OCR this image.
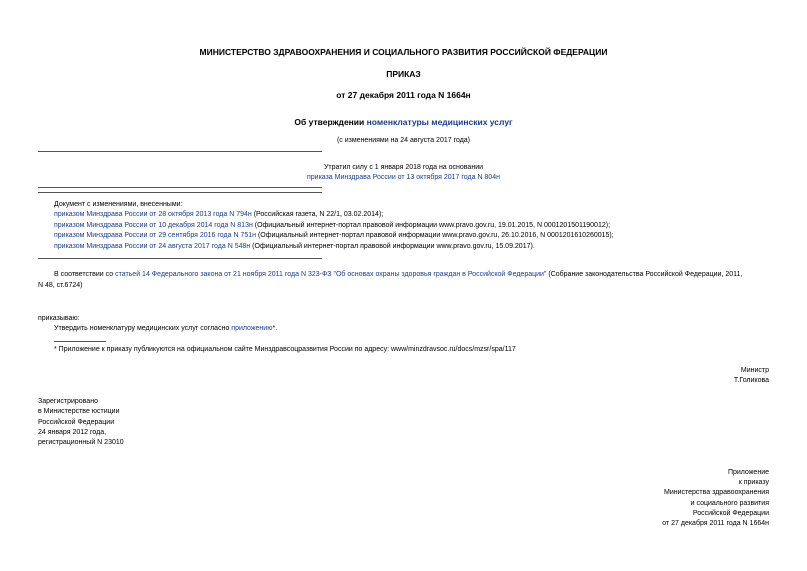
МИНИСТЕРСТВО ЗДРАВООХРАНЕНИЯ И СОЦИАЛЬНОГО РАЗВИТИЯ РОССИЙСКОЙ ФЕДЕРАЦИИ
ПРИКАЗ
от 27 декабря 2011 года N 1664н
Об утверждении номенклатуры медицинских услуг
(с изменениями на 24 августа 2017 года)
Утратил силу с 1 января 2018 года на основании
приказа Минздрава России от 13 октября 2017 года N 804н
Документ с изменениями, внесенными:
приказом Минздрава России от 28 октября 2013 года N 794н (Российская газета, N 22/1, 03.02.2014);
приказом Минздрава России от 10 декабря 2014 года N 813н (Официальный интернет-портал правовой информации www.pravo.gov.ru, 19.01.2015, N 0001201501190012);
приказом Минздрава России от 29 сентября 2016 года N 751н (Официальный интернет-портал правовой информации www.pravo.gov.ru, 26.10.2016, N 0001201610260015);
приказом Минздрава России от 24 августа 2017 года N 548н (Официальный интернет-портал правовой информации www.pravo.gov.ru, 15.09.2017).
В соответствии со статьей 14 Федерального закона от 21 ноября 2011 года N 323-ФЗ "Об основах охраны здоровья граждан в Российской Федерации" (Собрание законодательства Российской Федерации, 2011,
N 48, ст.6724)
приказываю:
Утвердить номенклатуру медицинских услуг согласно приложению*.
* Приложение к приказу публикуются на официальном сайте Минздравсоцразвития России по адресу: www/minzdravsoc.ru/docs/mzsr/spa/117
Министр
Т.Голикова
Зарегистрировано
в Министерстве юстиции
Российской Федерации
24 января 2012 года,
регистрационный N 23010
Приложение
к приказу
Министерства здравоохранения
и социального развития
Российской Федерации
от 27 декабря 2011 года N 1664н
